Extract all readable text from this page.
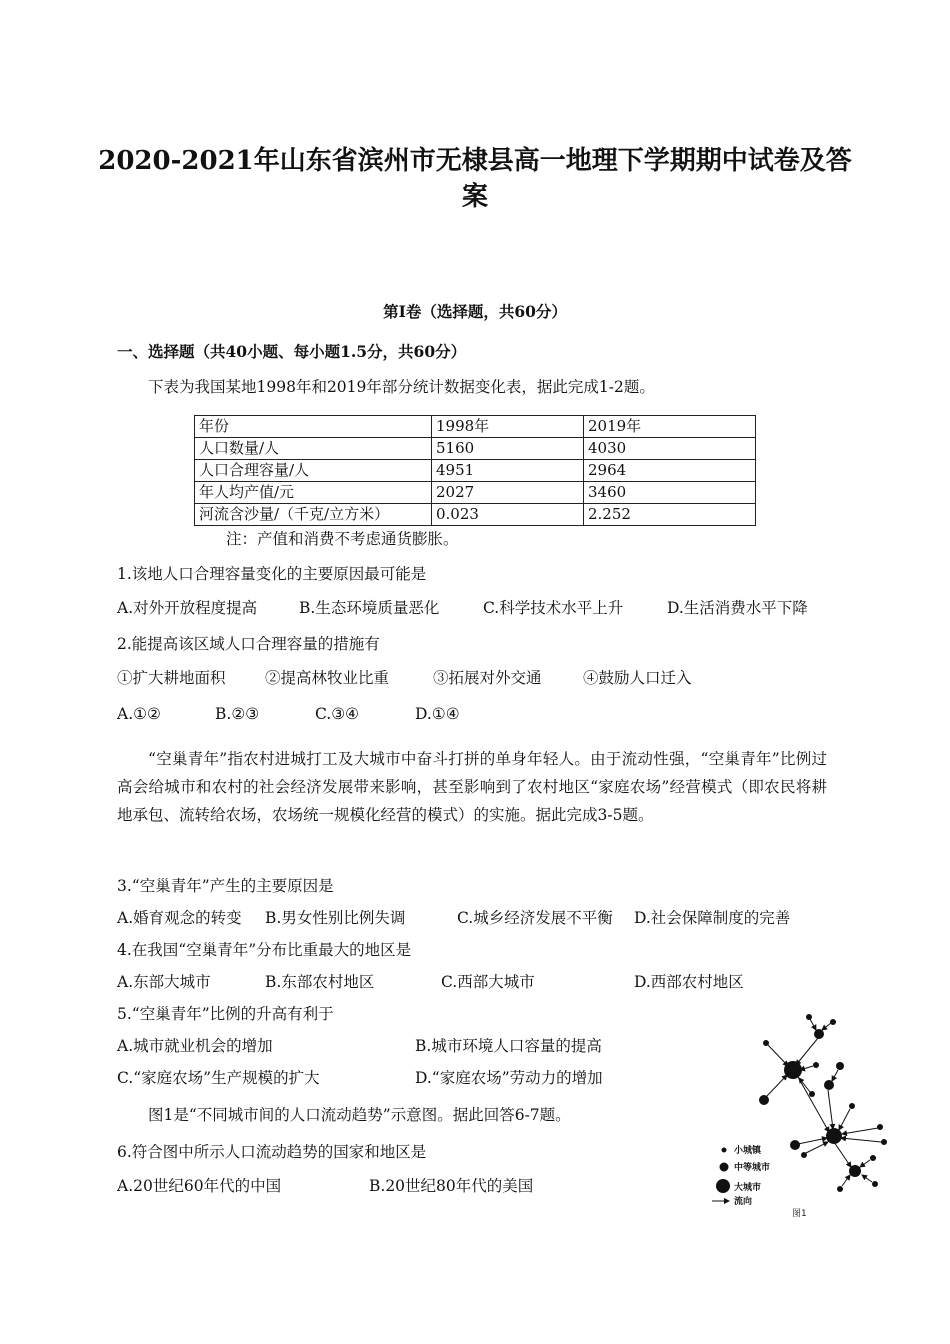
2020-2021年山东省滨州市无棣县高一地理下学期期中试卷及答
案
第Ⅰ卷（选择题，共60分）
一、选择题（共40小题、每小题1.5分，共60分）
下表为我国某地1998年和2019年部分统计数据变化表，据此完成1-2题。
年份	1998年	2019年
人口数量/人	5160	4030
人口合理容量/人	4951	2964
年人均产值/元	2027	3460
河流含沙量/（千克/立方米）	0.023	2.252
注：产值和消费不考虑通货膨胀。
1.该地人口合理容量变化的主要原因最可能是
A.对外开放程度提高	B.生态环境质量恶化	C.科学技术水平上升	D.生活消费水平下降
2.能提高该区域人口合理容量的措施有
①扩大耕地面积	②提高林牧业比重	③拓展对外交通	④鼓励人口迁入
A.①②	B.②③	C.③④	D.①④
“空巢青年”指农村进城打工及大城市中奋斗打拼的单身年轻人。由于流动性强，“空巢青年”比例过高会给城市和农村的社会经济发展带来影响，甚至影响到了农村地区“家庭农场”经营模式（即农民将耕地承包、流转给农场，农场统一规模化经营的模式）的实施。据此完成3-5题。
3.“空巢青年”产生的主要原因是
A.婚育观念的转变	B.男女性别比例失调	C.城乡经济发展不平衡	D.社会保障制度的完善
4.在我国“空巢青年”分布比重最大的地区是
A.东部大城市	B.东部农村地区	C.西部大城市	D.西部农村地区
5.“空巢青年”比例的升高有利于
A.城市就业机会的增加	B.城市环境人口容量的提高
C.“家庭农场”生产规模的扩大	D.“家庭农场”劳动力的增加
图1是“不同城市间的人口流动趋势”示意图。据此回答6-7题。
6.符合图中所示人口流动趋势的国家和地区是
A.20世纪60年代的中国	B.20世纪80年代的美国
小城镇
中等城市
大城市
流向
图1
